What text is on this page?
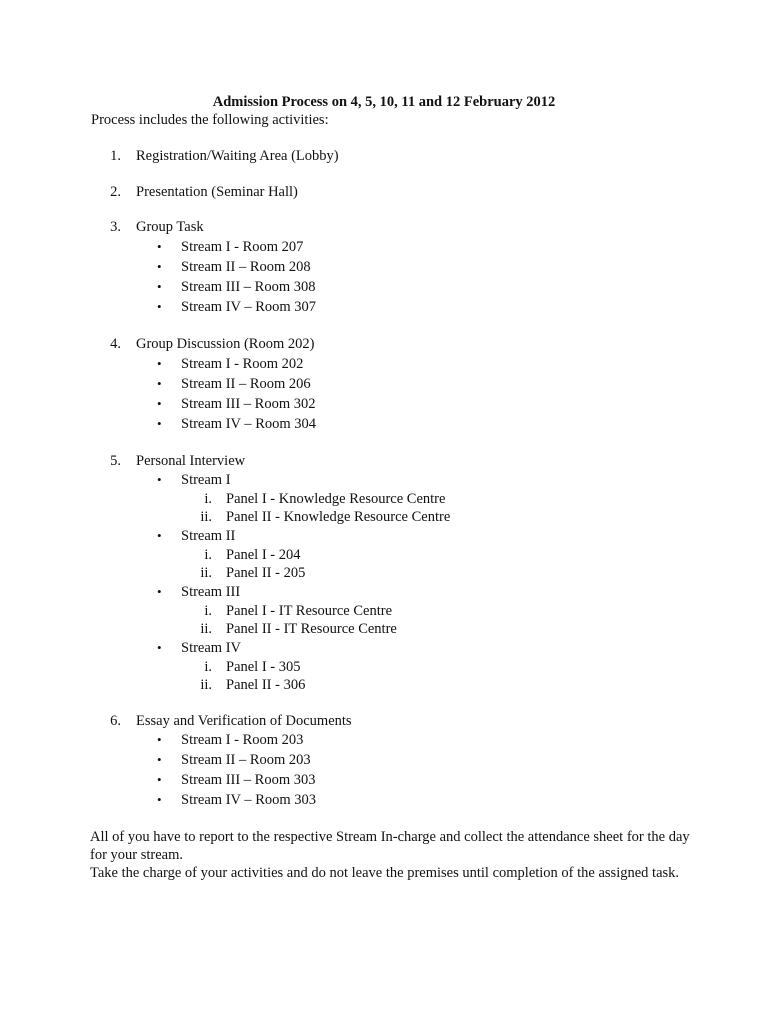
Admission Process on 4, 5, 10, 11 and 12 February 2012
Process includes the following activities:
1. Registration/Waiting Area (Lobby)
2. Presentation (Seminar Hall)
3. Group Task
• Stream I - Room 207
• Stream II – Room 208
• Stream III – Room 308
• Stream IV – Room 307
4. Group Discussion (Room 202)
• Stream I - Room 202
• Stream II – Room 206
• Stream III – Room 302
• Stream IV – Room 304
5. Personal Interview
• Stream I
i. Panel I - Knowledge Resource Centre
ii. Panel II - Knowledge Resource Centre
• Stream II
i. Panel I - 204
ii. Panel II - 205
• Stream III
i. Panel I - IT Resource Centre
ii. Panel II - IT Resource Centre
• Stream IV
i. Panel I - 305
ii. Panel II - 306
6. Essay and Verification of Documents
• Stream I - Room 203
• Stream II – Room 203
• Stream III – Room 303
• Stream IV – Room 303
All of you have to report to the respective Stream In-charge and collect the attendance sheet for the day for your stream.
Take the charge of your activities and do not leave the premises until completion of the assigned task.
